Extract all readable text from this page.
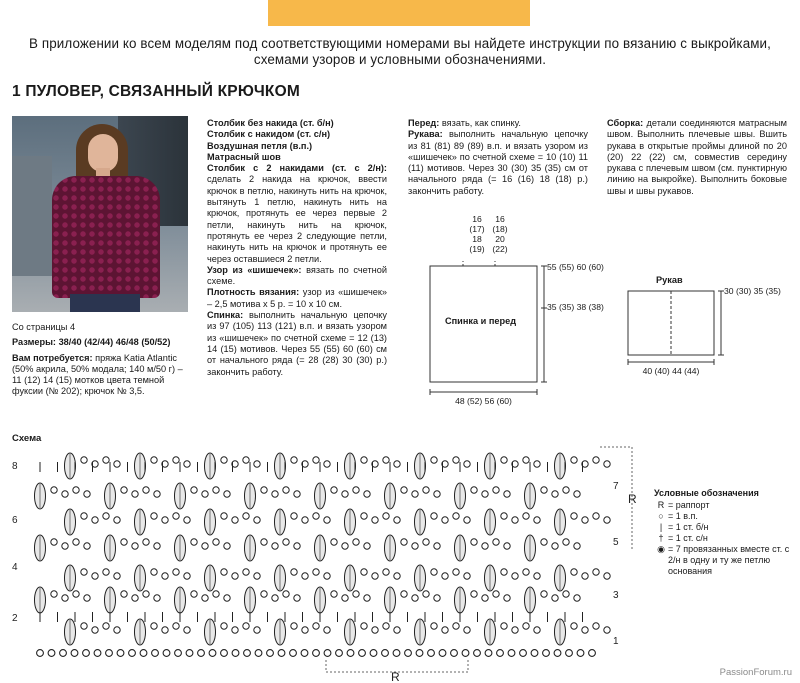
В приложении ко всем моделям под соответствующими номерами вы найдете инструкции по вязанию с выкройками, схемами узоров и условными обозначениями.
1 ПУЛОВЕР, СВЯЗАННЫЙ КРЮЧКОМ

Со страницы 4

Размеры: 38/40 (42/44) 46/48 (50/52)

Вам потребуется: пряжа Katia Atlantic (50% акрила, 50% модала; 140 м/50 г) – 11 (12) 14 (15) мотков цвета темной фуксии (№ 202); крючок № 3,5.

Столбик без накида (ст. б/н)

Столбик с накидом (ст. с/н)

Воздушная петля (в.п.)

Матрасный шов

Столбик с 2 накидами (ст. с 2/н): сделать 2 накида на крючок, ввести крючок в петлю, накинуть нить на крючок, вытянуть 1 петлю, накинуть нить на крючок, протянуть ее через первые 2 петли, накинуть нить на крючок, протянуть ее через 2 следующие петли, накинуть нить на крючок и протянуть ее через оставшиеся 2 петли.

Узор из «шишечек»: вязать по счетной схеме.

Плотность вязания: узор из «шишечек» – 2,5 мотива x 5 р. = 10 x 10 см.

Спинка: выполнить начальную цепочку из 97 (105) 113 (121) в.п. и вязать узором из «шишечек» по счетной схеме = 12 (13) 14 (15) мотивов. Через 55 (55) 60 (60) см от начального ряда (= 28 (28) 30 (30) р.) закончить работу.

Перед: вязать, как спинку.

Рукава: выполнить начальную цепочку из 81 (81) 89 (89) в.п. и вязать узором из «шишечек» по счетной схеме = 10 (10) 11 (11) мотивов. Через 30 (30) 35 (35) см от начального ряда (= 16 (16) 18 (18) р.) закончить работу.

Сборка: детали соединяются матрасным швом. Выполнить плечевые швы. Вшить рукава в открытые проймы длиной по 20 (20) 22 (22) см, совместив середину рукава с плечевым швом (см. пунктирную линию на выкройке). Выполнить боковые швы и швы рукавов.

8
6
4
2
7
5
3
1
R
R
16
(17)
18
(19)
16
(18)
20
(22)
55 (55) 60 (60)
35 (35) 38 (38)
Спинка и перед
48 (52) 56 (60)
Рукав
30 (30) 35 (35)
40 (40) 44 (44)
Схема
Условные обозначения
R = раппорт
○ = 1 в.п.
| = 1 ст. б/н
† = 1 ст. с/н
◉ = 7 провязанных вместе ст. с 2/н в одну и ту же петлю основания
PassionForum.ru
